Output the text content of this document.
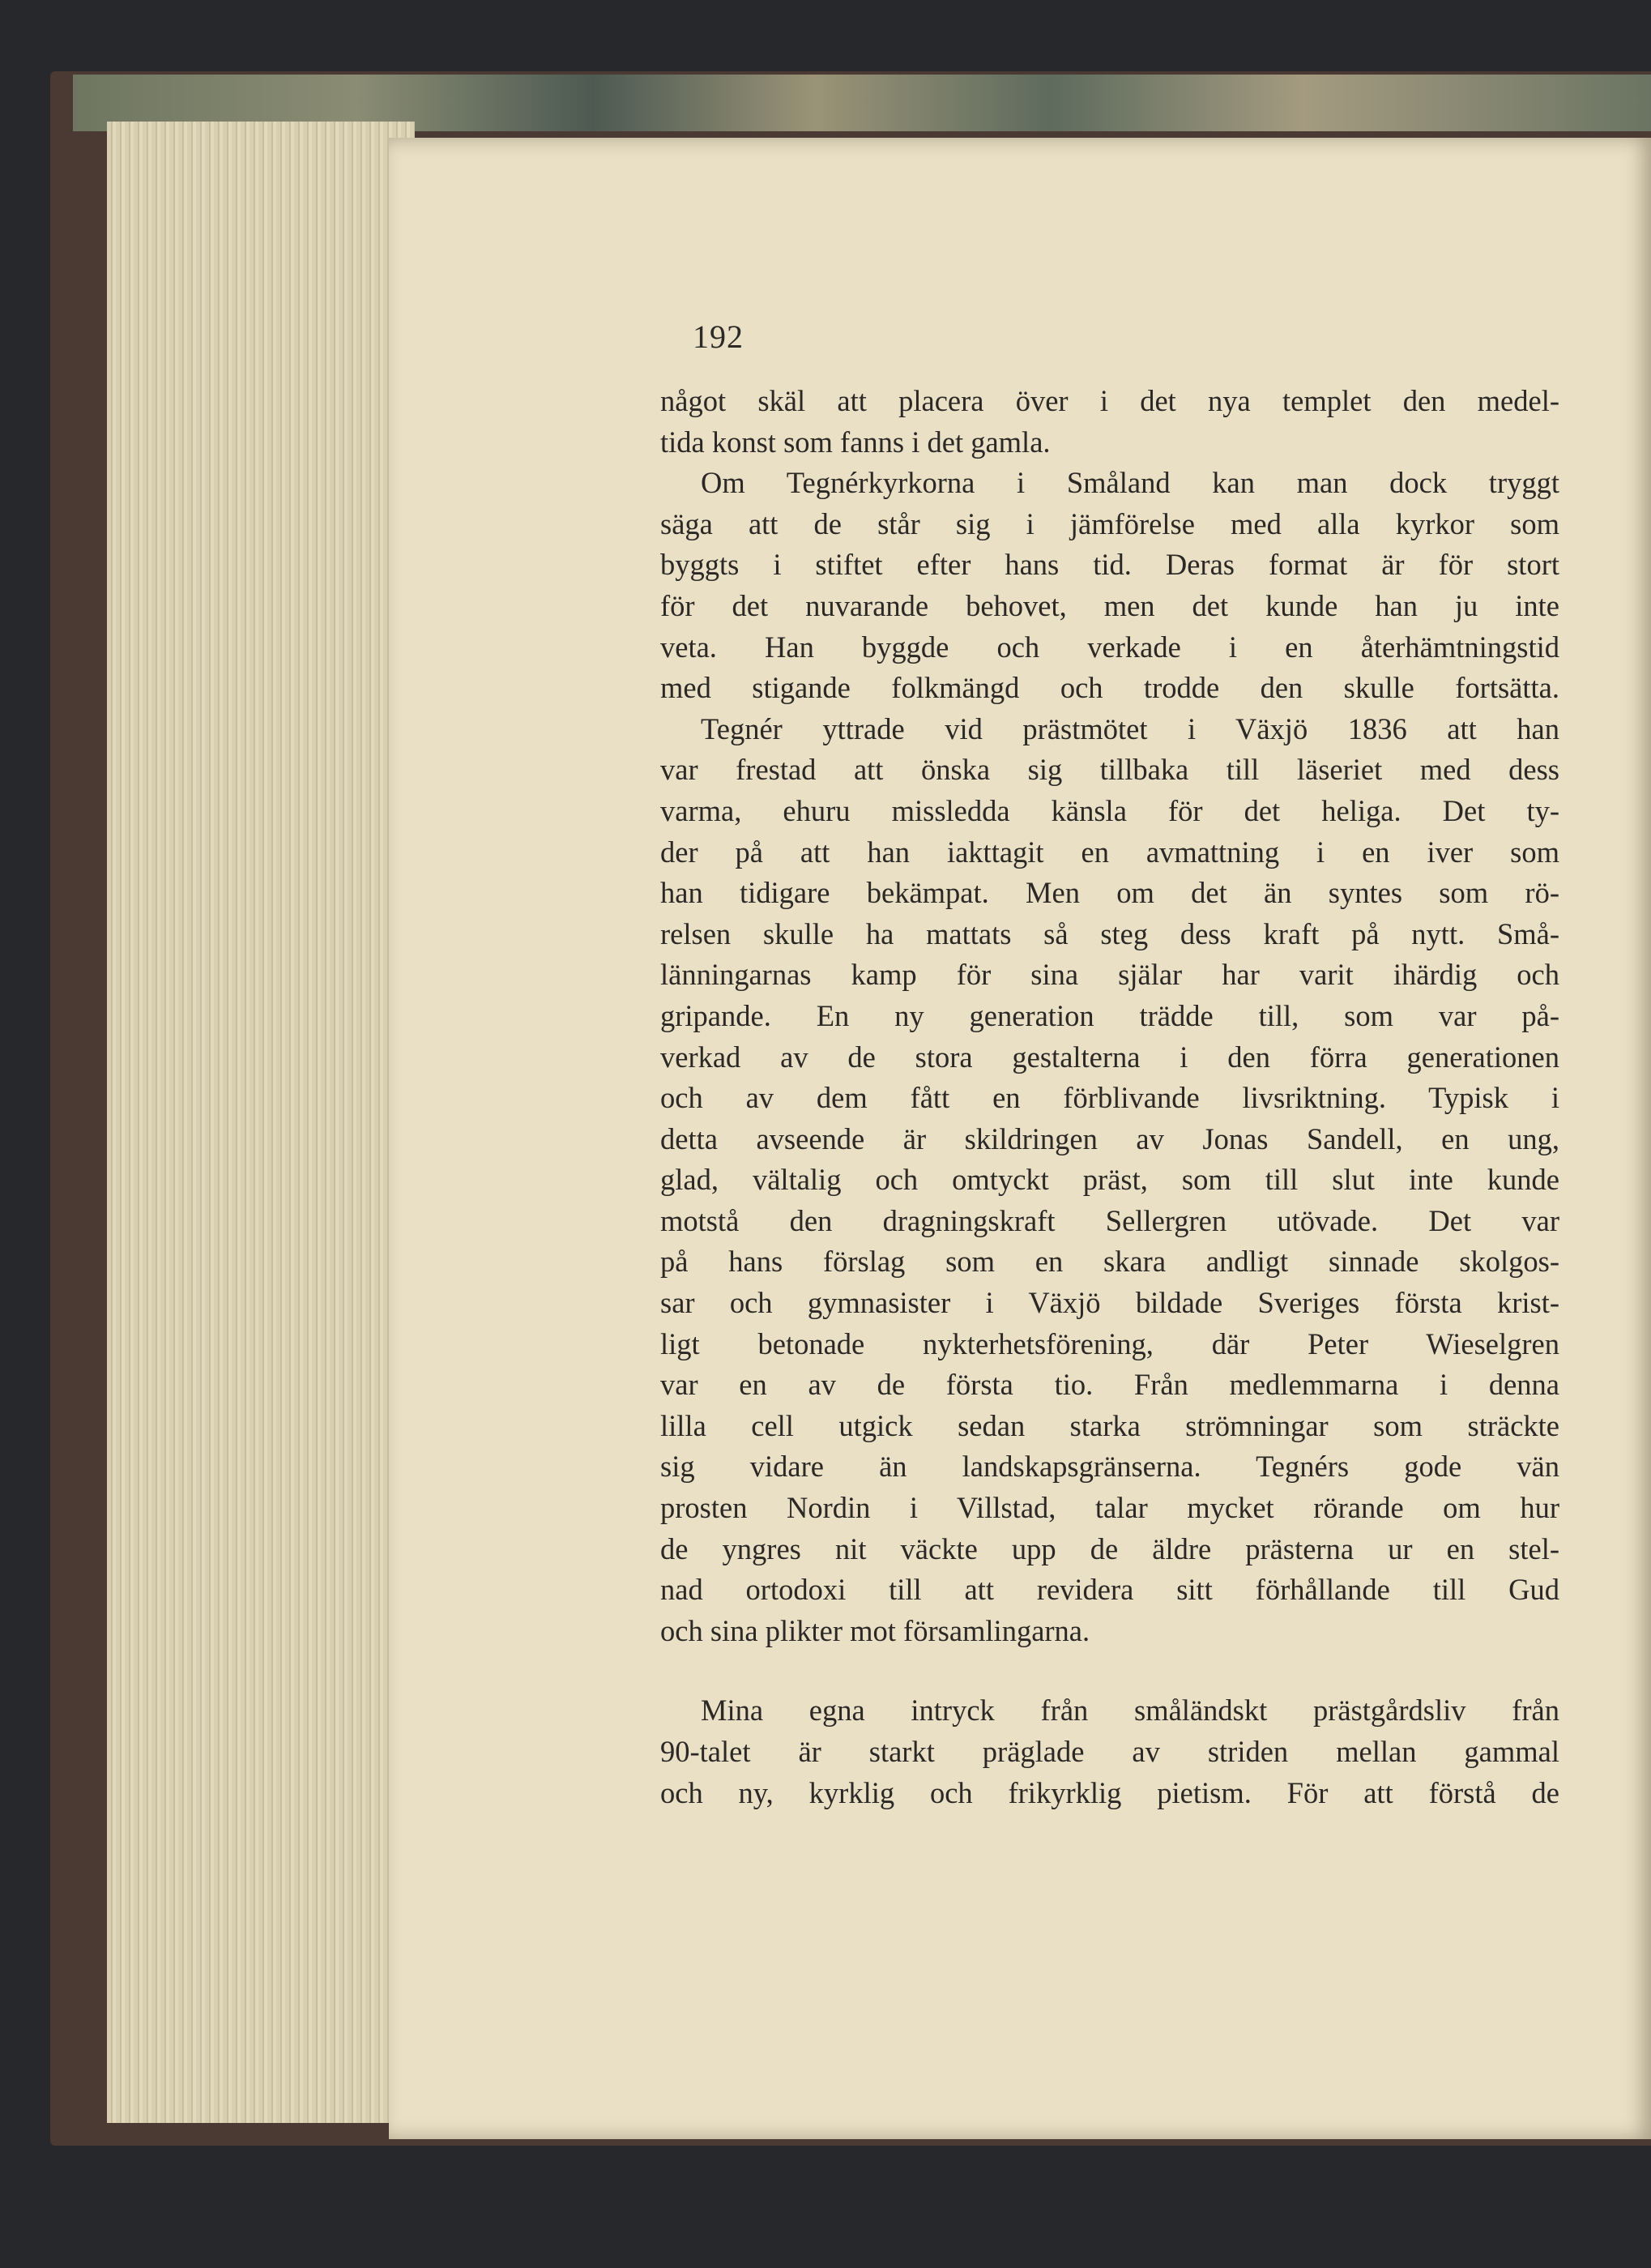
192
något skäl att placera över i det nya templet den medel-
tida konst som fanns i det gamla.
Om Tegnérkyrkorna i Småland kan man dock tryggt
säga att de står sig i jämförelse med alla kyrkor som
byggts i stiftet efter hans tid. Deras format är för stort
för det nuvarande behovet, men det kunde han ju inte
veta. Han byggde och verkade i en återhämtningstid
med stigande folkmängd och trodde den skulle fortsätta.
Tegnér yttrade vid prästmötet i Växjö 1836 att han
var frestad att önska sig tillbaka till läseriet med dess
varma, ehuru missledda känsla för det heliga. Det ty-
der på att han iakttagit en avmattning i en iver som
han tidigare bekämpat. Men om det än syntes som rö-
relsen skulle ha mattats så steg dess kraft på nytt. Små-
länningarnas kamp för sina själar har varit ihärdig och
gripande. En ny generation trädde till, som var på-
verkad av de stora gestalterna i den förra generationen
och av dem fått en förblivande livsriktning. Typisk i
detta avseende är skildringen av Jonas Sandell, en ung,
glad, vältalig och omtyckt präst, som till slut inte kunde
motstå den dragningskraft Sellergren utövade. Det var
på hans förslag som en skara andligt sinnade skolgos-
sar och gymnasister i Växjö bildade Sveriges första krist-
ligt betonade nykterhetsförening, där Peter Wieselgren
var en av de första tio. Från medlemmarna i denna
lilla cell utgick sedan starka strömningar som sträckte
sig vidare än landskapsgränserna. Tegnérs gode vän
prosten Nordin i Villstad, talar mycket rörande om hur
de yngres nit väckte upp de äldre prästerna ur en stel-
nad ortodoxi till att revidera sitt förhållande till Gud
och sina plikter mot församlingarna.
Mina egna intryck från småländskt prästgårdsliv från
90-talet är starkt präglade av striden mellan gammal
och ny, kyrklig och frikyrklig pietism. För att förstå de
